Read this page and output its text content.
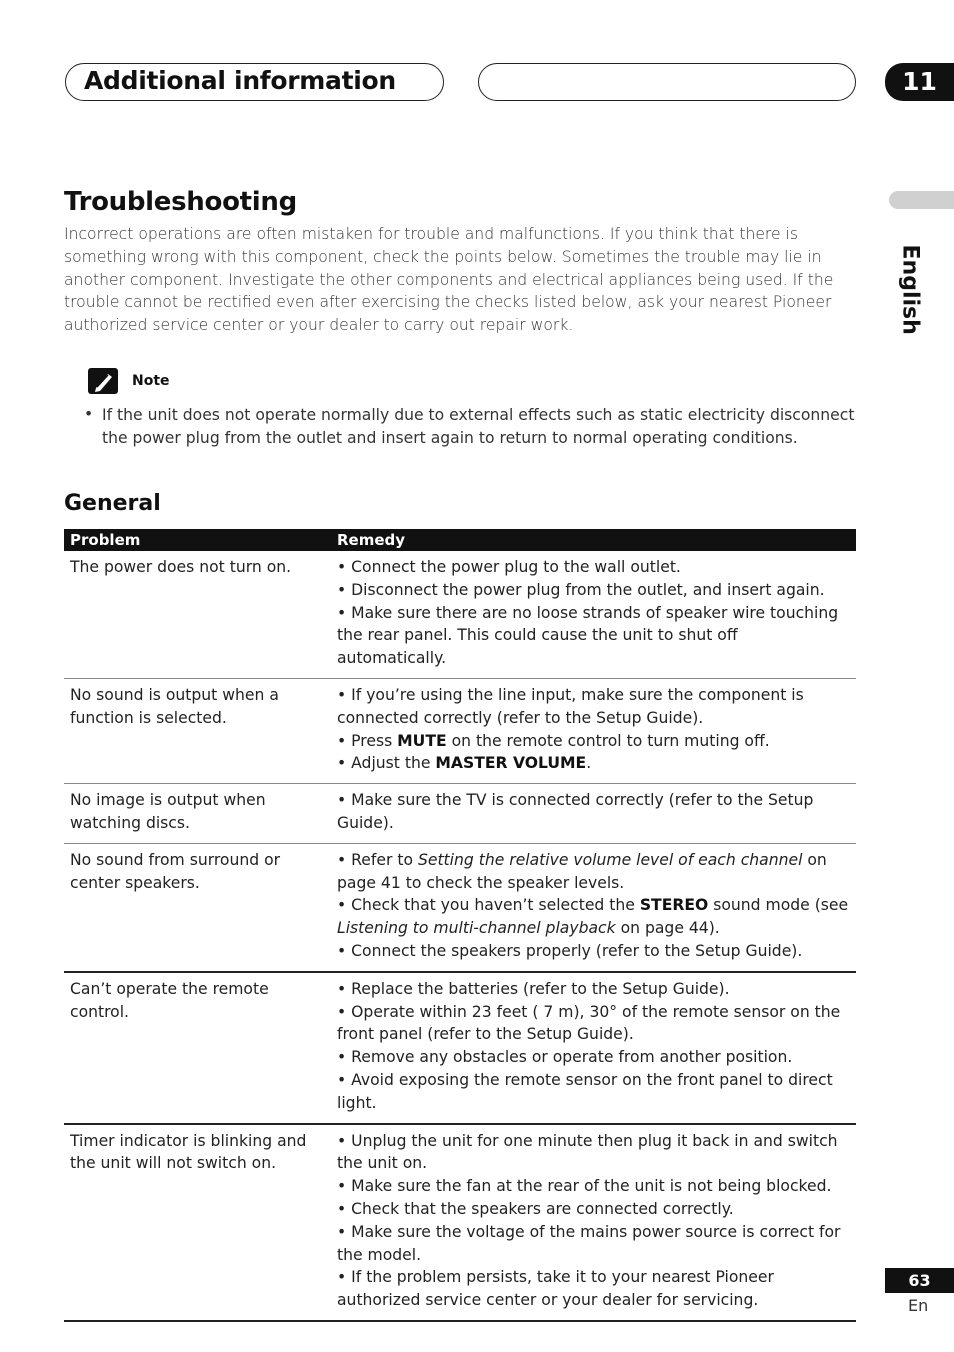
Additional information	11
English
Troubleshooting

Incorrect operations are often mistaken for trouble and malfunctions. If you think that there is something wrong with this component, check the points below. Sometimes the trouble may lie in another component. Investigate the other components and electrical appliances being used. If the trouble cannot be rectified even after exercising the checks listed below, ask your nearest Pioneer authorized service center or your dealer to carry out repair work.

Note
• If the unit does not operate normally due to external effects such as static electricity disconnect the power plug from the outlet and insert again to return to normal operating conditions.

General
Problem	Remedy
The power does not turn on.	• Connect the power plug to the wall outlet.
• Disconnect the power plug from the outlet, and insert again.
• Make sure there are no loose strands of speaker wire touching the rear panel. This could cause the unit to shut off automatically.

No sound is output when a function is selected.	• If you’re using the line input, make sure the component is connected correctly (refer to the Setup Guide).
• Press MUTE on the remote control to turn muting off.
• Adjust the MASTER VOLUME.

No image is output when watching discs.	• Make sure the TV is connected correctly (refer to the Setup Guide).

No sound from surround or center speakers.	• Refer to Setting the relative volume level of each channel on page 41 to check the speaker levels.
• Check that you haven’t selected the STEREO sound mode (see Listening to multi-channel playback on page 44).
• Connect the speakers properly (refer to the Setup Guide).

Can’t operate the remote control.	• Replace the batteries (refer to the Setup Guide).
• Operate within 23 feet ( 7 m), 30° of the remote sensor on the front panel (refer to the Setup Guide).
• Remove any obstacles or operate from another position.
• Avoid exposing the remote sensor on the front panel to direct light.

Timer indicator is blinking and the unit will not switch on.	• Unplug the unit for one minute then plug it back in and switch the unit on.
• Make sure the fan at the rear of the unit is not being blocked.
• Check that the speakers are connected correctly.
• Make sure the voltage of the mains power source is correct for the model.
• If the problem persists, take it to your nearest Pioneer authorized service center or your dealer for servicing.
63
En
